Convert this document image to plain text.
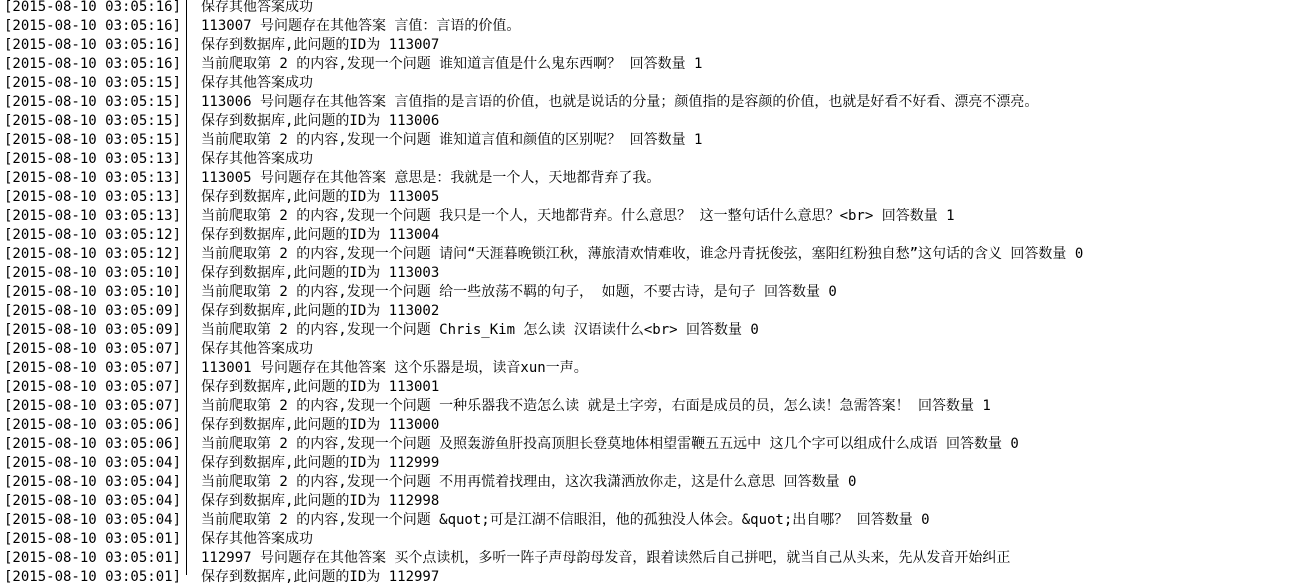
[2015-08-10 03:05:16] 保存其他答案成功
[2015-08-10 03:05:16] 113007 号问题存在其他答案 言值：言语的价值。
[2015-08-10 03:05:16] 保存到数据库,此问题的ID为 113007
[2015-08-10 03:05:16] 当前爬取第 2 的内容,发现一个问题 谁知道言值是什么鬼东西啊？ 回答数量 1
[2015-08-10 03:05:15] 保存其他答案成功
[2015-08-10 03:05:15] 113006 号问题存在其他答案 言值指的是言语的价值，也就是说话的分量；颜值指的是容颜的价值，也就是好看不好看、漂亮不漂亮。
[2015-08-10 03:05:15] 保存到数据库,此问题的ID为 113006
[2015-08-10 03:05:15] 当前爬取第 2 的内容,发现一个问题 谁知道言值和颜值的区别呢？ 回答数量 1
[2015-08-10 03:05:13] 保存其他答案成功
[2015-08-10 03:05:13] 113005 号问题存在其他答案 意思是：我就是一个人，天地都背弃了我。
[2015-08-10 03:05:13] 保存到数据库,此问题的ID为 113005
[2015-08-10 03:05:13] 当前爬取第 2 的内容,发现一个问题 我只是一个人，天地都背弃。什么意思？ 这一整句话什么意思？<br> 回答数量 1
[2015-08-10 03:05:12] 保存到数据库,此问题的ID为 113004
[2015-08-10 03:05:12] 当前爬取第 2 的内容,发现一个问题 请问“天涯暮晚锁江秋，薄旅清欢情难收，谁念丹青抚俊弦，塞阳红粉独自愁”这句话的含义 回答数量 0
[2015-08-10 03:05:10] 保存到数据库,此问题的ID为 113003
[2015-08-10 03:05:10] 当前爬取第 2 的内容,发现一个问题 给一些放荡不羁的句子， 如题，不要古诗，是句子 回答数量 0
[2015-08-10 03:05:09] 保存到数据库,此问题的ID为 113002
[2015-08-10 03:05:09] 当前爬取第 2 的内容,发现一个问题 Chris_Kim 怎么读 汉语读什么<br> 回答数量 0
[2015-08-10 03:05:07] 保存其他答案成功
[2015-08-10 03:05:07] 113001 号问题存在其他答案 这个乐器是埙，读音xun一声。
[2015-08-10 03:05:07] 保存到数据库,此问题的ID为 113001
[2015-08-10 03:05:07] 当前爬取第 2 的内容,发现一个问题 一种乐器我不造怎么读 就是土字旁，右面是成员的员，怎么读！急需答案！ 回答数量 1
[2015-08-10 03:05:06] 保存到数据库,此问题的ID为 113000
[2015-08-10 03:05:06] 当前爬取第 2 的内容,发现一个问题 及照轰游鱼肝投高顶胆长登莫地体相望雷鞭五五远中 这几个字可以组成什么成语 回答数量 0
[2015-08-10 03:05:04] 保存到数据库,此问题的ID为 112999
[2015-08-10 03:05:04] 当前爬取第 2 的内容,发现一个问题 不用再慌着找理由，这次我潇洒放你走，这是什么意思 回答数量 0
[2015-08-10 03:05:04] 保存到数据库,此问题的ID为 112998
[2015-08-10 03:05:04] 当前爬取第 2 的内容,发现一个问题 &quot;可是江湖不信眼泪，他的孤独没人体会。&quot;出自哪？ 回答数量 0
[2015-08-10 03:05:01] 保存其他答案成功
[2015-08-10 03:05:01] 112997 号问题存在其他答案 买个点读机，多听一阵子声母韵母发音，跟着读然后自己拼吧，就当自己从头来，先从发音开始纠正
[2015-08-10 03:05:01] 保存到数据库,此问题的ID为 112997
